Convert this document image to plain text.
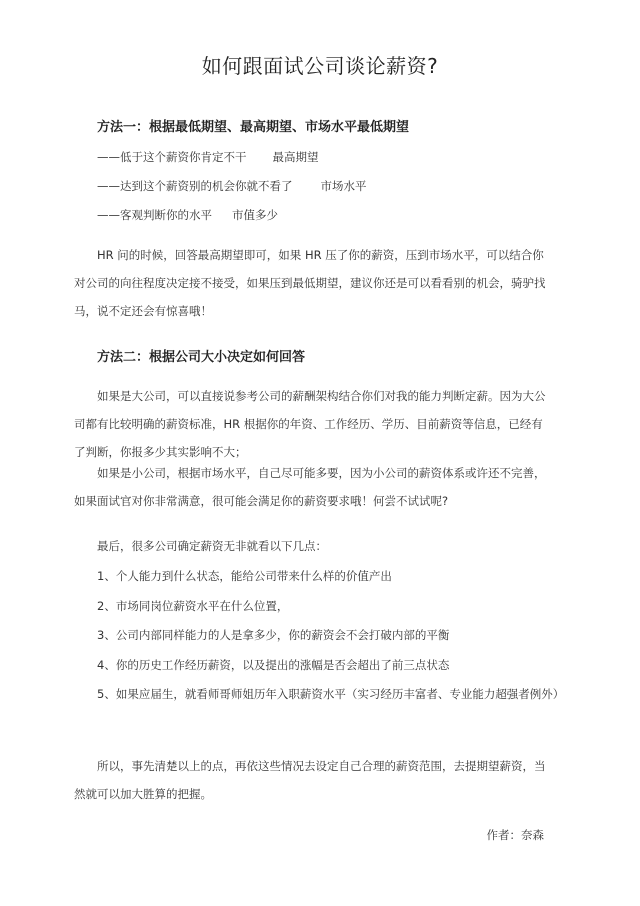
如何跟面试公司谈论薪资?
方法一：根据最低期望、最高期望、市场水平最低期望
——低于这个薪资你肯定不干 最高期望
——达到这个薪资别的机会你就不看了 市场水平
——客观判断你的水平 市值多少

HR 问的时候，回答最高期望即可，如果 HR 压了你的薪资，压到市场水平，可以结合你对公司的向往程度决定接不接受，如果压到最低期望，建议你还是可以看看别的机会，骑驴找马，说不定还会有惊喜哦！

方法二：根据公司大小决定如何回答

如果是大公司，可以直接说参考公司的薪酬架构结合你们对我的能力判断定薪。因为大公司都有比较明确的薪资标准，HR 根据你的年资、工作经历、学历、目前薪资等信息，已经有了判断，你报多少其实影响不大；

如果是小公司，根据市场水平，自己尽可能多要，因为小公司的薪资体系或许还不完善，如果面试官对你非常满意，很可能会满足你的薪资要求哦！何尝不试试呢?

最后，很多公司确定薪资无非就看以下几点：
1、个人能力到什么状态，能给公司带来什么样的价值产出
2、市场同岗位薪资水平在什么位置，
3、公司内部同样能力的人是拿多少，你的薪资会不会打破内部的平衡
4、你的历史工作经历薪资，以及提出的涨幅是否会超出了前三点状态
5、如果应届生，就看师哥师姐历年入职薪资水平（实习经历丰富者、专业能力超强者例外）

所以，事先清楚以上的点，再依这些情况去设定自己合理的薪资范围，去提期望薪资，当然就可以加大胜算的把握。

作者：奈森
